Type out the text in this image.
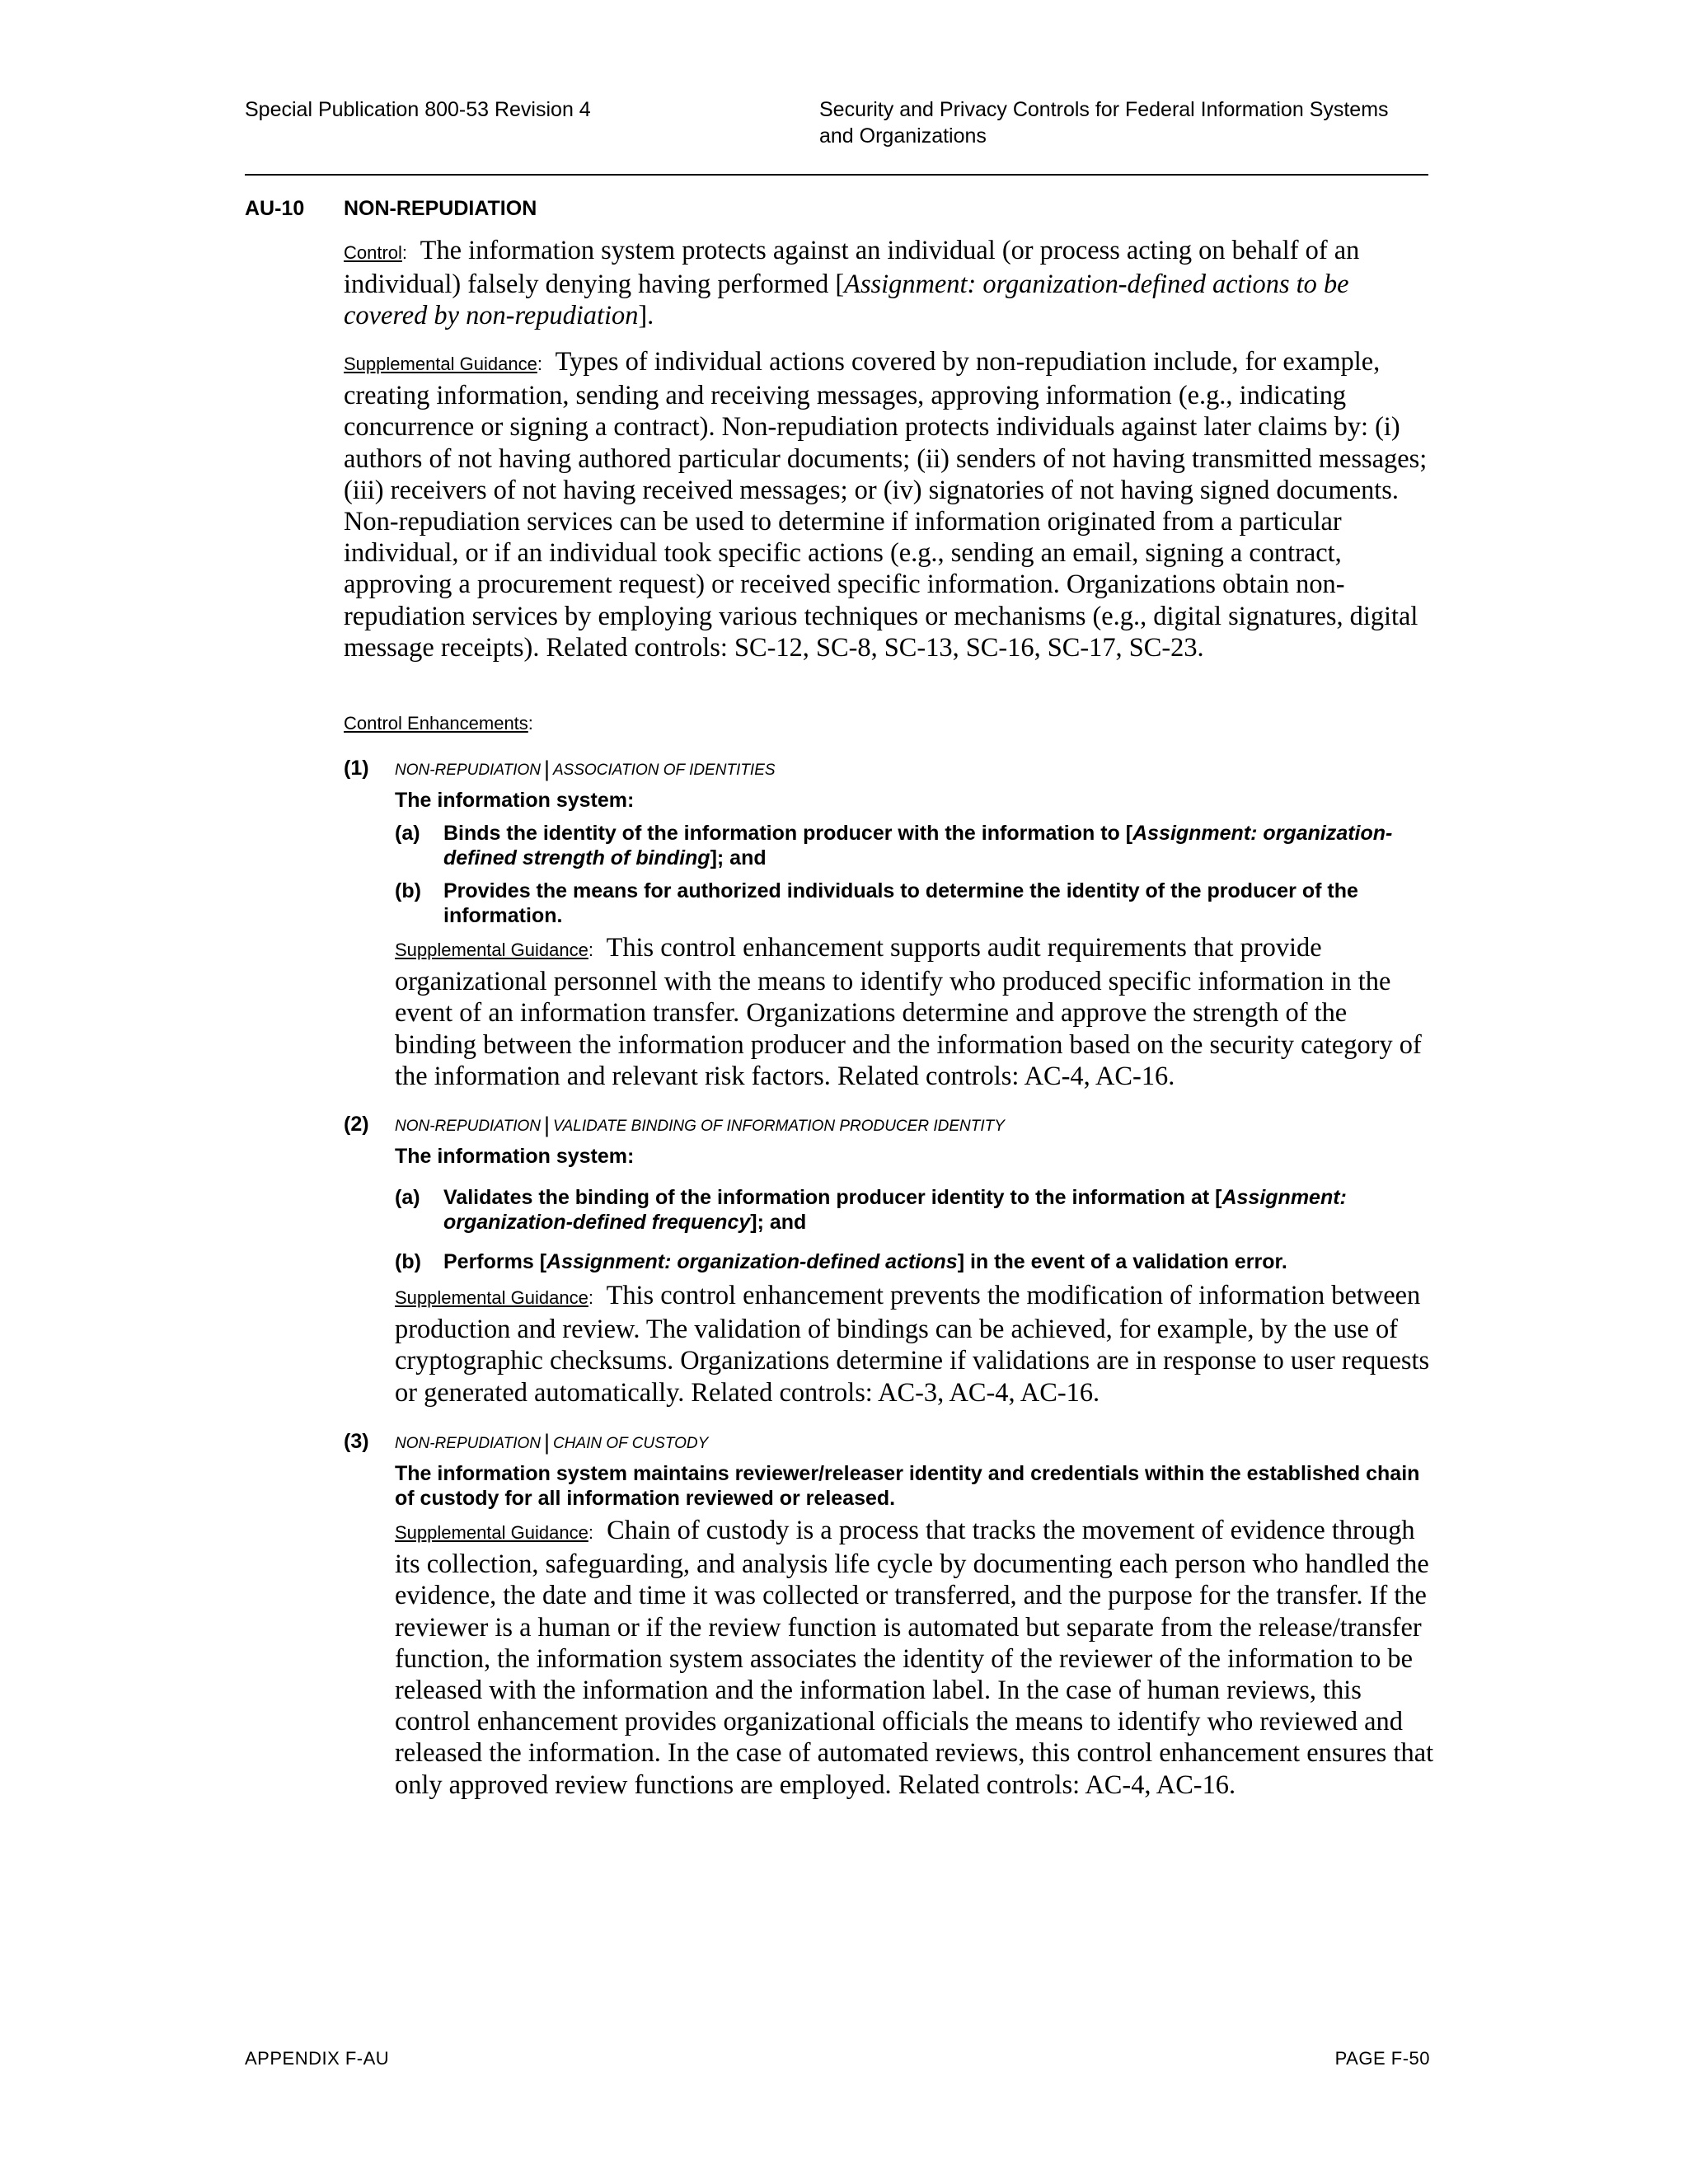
Special Publication 800-53 Revision 4	Security and Privacy Controls for Federal Information Systems
and Organizations
AU-10 NON-REPUDIATION
Control: The information system protects against an individual (or process acting on behalf of an individual) falsely denying having performed [Assignment: organization-defined actions to be covered by non-repudiation].
Supplemental Guidance: Types of individual actions covered by non-repudiation include, for example, creating information, sending and receiving messages, approving information (e.g., indicating concurrence or signing a contract). Non-repudiation protects individuals against later claims by: (i) authors of not having authored particular documents; (ii) senders of not having transmitted messages; (iii) receivers of not having received messages; or (iv) signatories of not having signed documents. Non-repudiation services can be used to determine if information originated from a particular individual, or if an individual took specific actions (e.g., sending an email, signing a contract, approving a procurement request) or received specific information. Organizations obtain non-repudiation services by employing various techniques or mechanisms (e.g., digital signatures, digital message receipts). Related controls: SC-12, SC-8, SC-13, SC-16, SC-17, SC-23.
Control Enhancements:
(1) NON-REPUDIATION | ASSOCIATION OF IDENTITIES
The information system:
(a) Binds the identity of the information producer with the information to [Assignment: organization-defined strength of binding]; and
(b) Provides the means for authorized individuals to determine the identity of the producer of the information.
Supplemental Guidance: This control enhancement supports audit requirements that provide organizational personnel with the means to identify who produced specific information in the event of an information transfer. Organizations determine and approve the strength of the binding between the information producer and the information based on the security category of the information and relevant risk factors. Related controls: AC-4, AC-16.
(2) NON-REPUDIATION | VALIDATE BINDING OF INFORMATION PRODUCER IDENTITY
The information system:
(a) Validates the binding of the information producer identity to the information at [Assignment: organization-defined frequency]; and
(b) Performs [Assignment: organization-defined actions] in the event of a validation error.
Supplemental Guidance: This control enhancement prevents the modification of information between production and review. The validation of bindings can be achieved, for example, by the use of cryptographic checksums. Organizations determine if validations are in response to user requests or generated automatically. Related controls: AC-3, AC-4, AC-16.
(3) NON-REPUDIATION | CHAIN OF CUSTODY
The information system maintains reviewer/releaser identity and credentials within the established chain of custody for all information reviewed or released.
Supplemental Guidance: Chain of custody is a process that tracks the movement of evidence through its collection, safeguarding, and analysis life cycle by documenting each person who handled the evidence, the date and time it was collected or transferred, and the purpose for the transfer. If the reviewer is a human or if the review function is automated but separate from the release/transfer function, the information system associates the identity of the reviewer of the information to be released with the information and the information label. In the case of human reviews, this control enhancement provides organizational officials the means to identify who reviewed and released the information. In the case of automated reviews, this control enhancement ensures that only approved review functions are employed. Related controls: AC-4, AC-16.
APPENDIX F-AU	PAGE F-50
